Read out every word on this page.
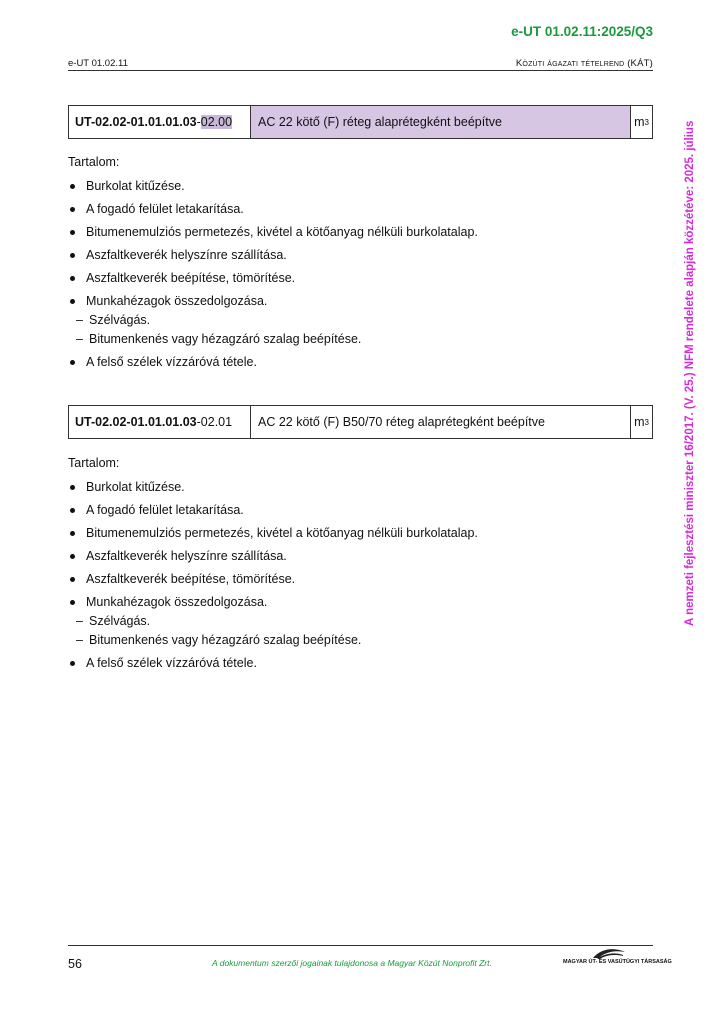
e-UT 01.02.11:2025/Q3
e-UT 01.02.11	Közúti ágazati tételrend (KÁT)
A nemzeti fejlesztési miniszter 16/2017. (V. 25.) NFM rendelete alapján közzétéve: 2025. július
UT-02.02-01.01.01.03 - 02.00	AC 22 kötő (F) réteg alaprétegként beépítve	m 3
Tartalom:
Burkolat kitűzése.
A fogadó felület letakarítása.
Bitumenemulziós permetezés, kivétel a kötőanyag nélküli burkolatalap.
Aszfaltkeverék helyszínre szállítása.
Aszfaltkeverék beépítése, tömörítése.
Munkahézagok összedolgozása.
– Szélvágás.
– Bitumenkenés vagy hézagzáró szalag beépítése.
A felső szélek vízzáróvá tétele.
UT-02.02-01.01.01.03 -02.01	AC 22 kötő (F) B50/70 réteg alaprétegként beépítve	m 3
Tartalom:
Burkolat kitűzése.
A fogadó felület letakarítása.
Bitumenemulziós permetezés, kivétel a kötőanyag nélküli burkolatalap.
Aszfaltkeverék helyszínre szállítása.
Aszfaltkeverék beépítése, tömörítése.
Munkahézagok összedolgozása.
– Szélvágás.
– Bitumenkenés vagy hézagzáró szalag beépítése.
A felső szélek vízzáróvá tétele.
56	A dokumentum szerzői jogainak tulajdonosa a Magyar Közút Nonprofit Zrt.	MAGYAR ÚT- ÉS VASÚTÜGYI TÁRSASÁG
